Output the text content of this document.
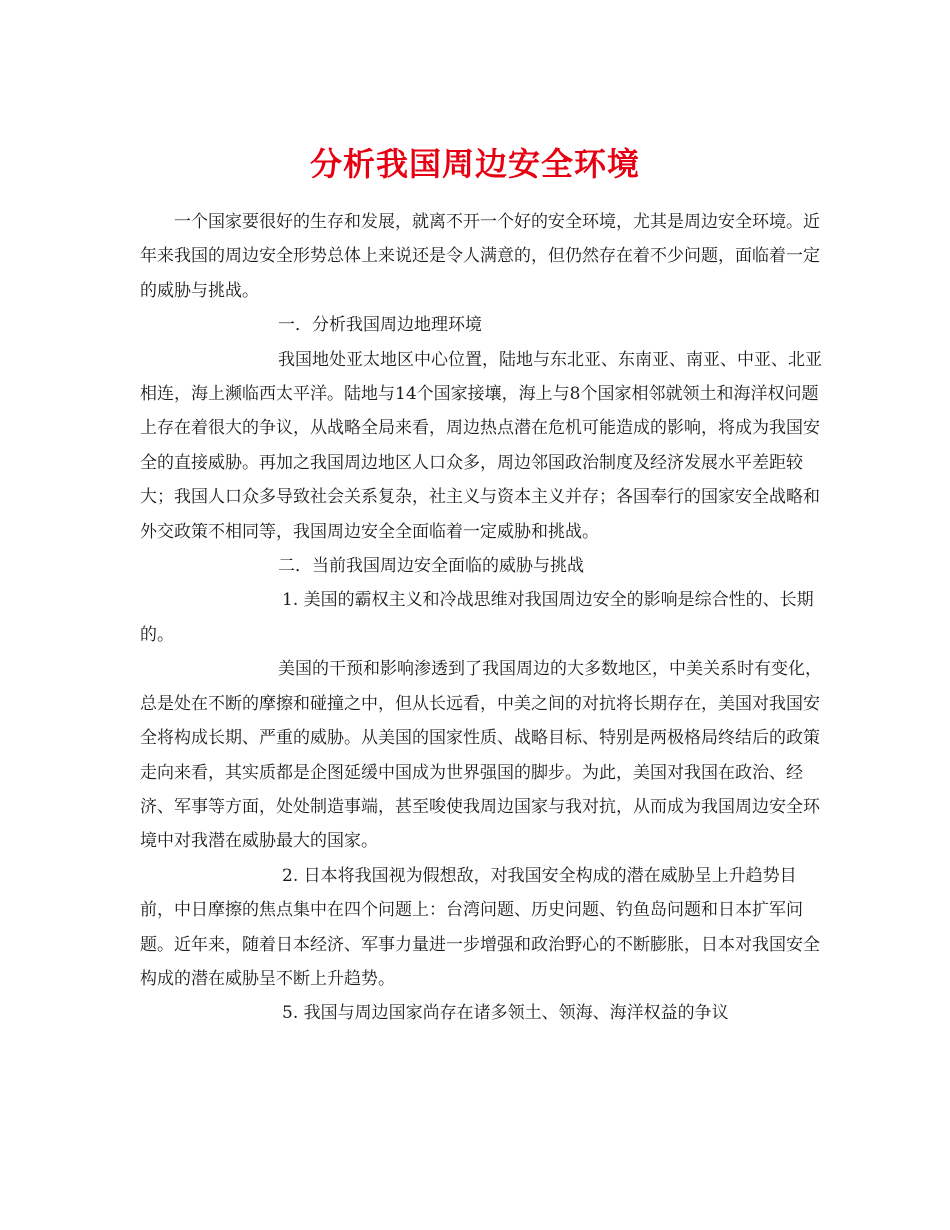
分析我国周边安全环境

一个国家要很好的生存和发展，就离不开一个好的安全环境，尤其是周边安全环境。近年来我国的周边安全形势总体上来说还是令人满意的，但仍然存在着不少问题，面临着一定的威胁与挑战。

一．分析我国周边地理环境

我国地处亚太地区中心位置，陆地与东北亚、东南亚、南亚、中亚、北亚相连，海上濒临西太平洋。陆地与14个国家接壤，海上与8个国家相邻就领土和海洋权问题上存在着很大的争议，从战略全局来看，周边热点潜在危机可能造成的影响，将成为我国安全的直接威胁。再加之我国周边地区人口众多，周边邻国政治制度及经济发展水平差距较大；我国人口众多导致社会关系复杂，社主义与资本主义并存；各国奉行的国家安全战略和外交政策不相同等，我国周边安全全面临着一定威胁和挑战。

二．当前我国周边安全面临的威胁与挑战

1. 美国的霸权主义和冷战思维对我国周边安全的影响是综合性的、长期的。

美国的干预和影响渗透到了我国周边的大多数地区，中美关系时有变化，总是处在不断的摩擦和碰撞之中，但从长远看，中美之间的对抗将长期存在，美国对我国安全将构成长期、严重的威胁。从美国的国家性质、战略目标、特别是两极格局终结后的政策走向来看，其实质都是企图延缓中国成为世界强国的脚步。为此，美国对我国在政治、经济、军事等方面，处处制造事端，甚至唆使我周边国家与我对抗，从而成为我国周边安全环境中对我潜在威胁最大的国家。

2. 日本将我国视为假想敌，对我国安全构成的潜在威胁呈上升趋势目前，中日摩擦的焦点集中在四个问题上：台湾问题、历史问题、钓鱼岛问题和日本扩军问题。近年来，随着日本经济、军事力量进一步增强和政治野心的不断膨胀，日本对我国安全构成的潜在威胁呈不断上升趋势。

5. 我国与周边国家尚存在诸多领土、领海、海洋权益的争议
